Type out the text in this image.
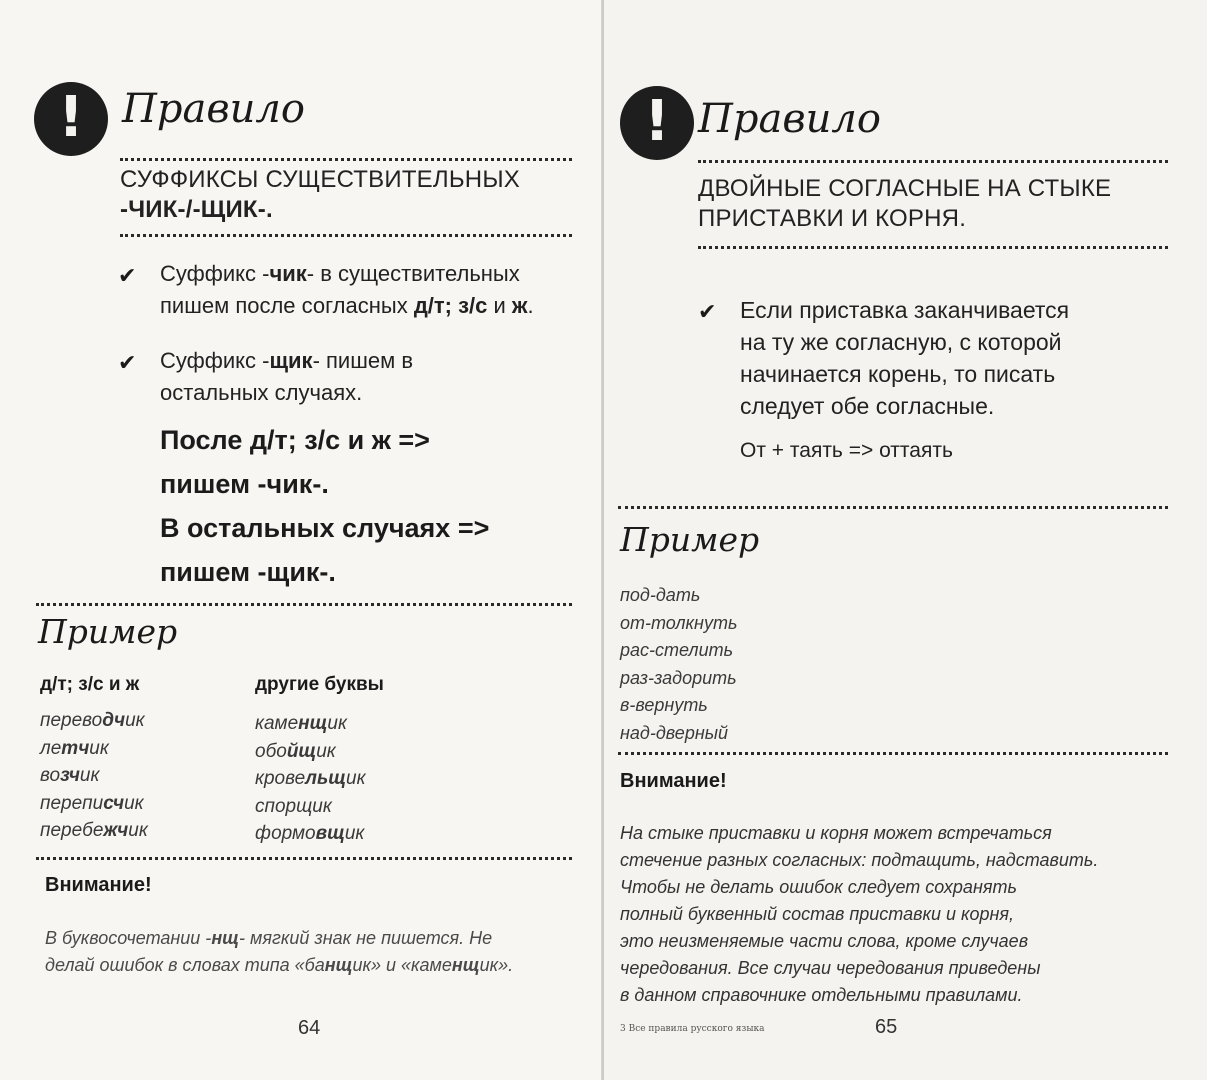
!
Правило
СУФФИКСЫ СУЩЕСТВИТЕЛЬНЫХ
-ЧИК-/-ЩИК-.
✔ Суффикс -чик- в существительных пишем после согласных д/т; з/с и ж.
✔ Суффикс -щик- пишем в остальных случаях.
После д/т; з/с и ж =>
пишем -чик-.
В остальных случаях =>
пишем -щик-.
Пример
д/т; з/с и ж	другие буквы
переводчик
летчик
возчик
переписчик
перебежчик
каменщик
обойщик
кровельщик
спорщик
формовщик
Внимание!
В буквосочетании -нщ- мягкий знак не пишется. Не делай ошибок в словах типа «банщик» и «каменщик».
64
!
Правило
ДВОЙНЫЕ СОГЛАСНЫЕ НА СТЫКЕ
ПРИСТАВКИ И КОРНЯ.
✔ Если приставка заканчивается
на ту же согласную, с которой
начинается корень, то писать
следует обе согласные.
От + таять => оттаять
Пример
под-дать
от-толкнуть
рас-стелить
раз-задорить
в-вернуть
над-дверный
Внимание!
На стыке приставки и корня может встречаться
стечение разных согласных: подтащить, надставить.
Чтобы не делать ошибок следует сохранять
полный буквенный состав приставки и корня,
это неизменяемые части слова, кроме случаев
чередования. Все случаи чередования приведены
в данном справочнике отдельными правилами.
3 Все правила русского языка	65
